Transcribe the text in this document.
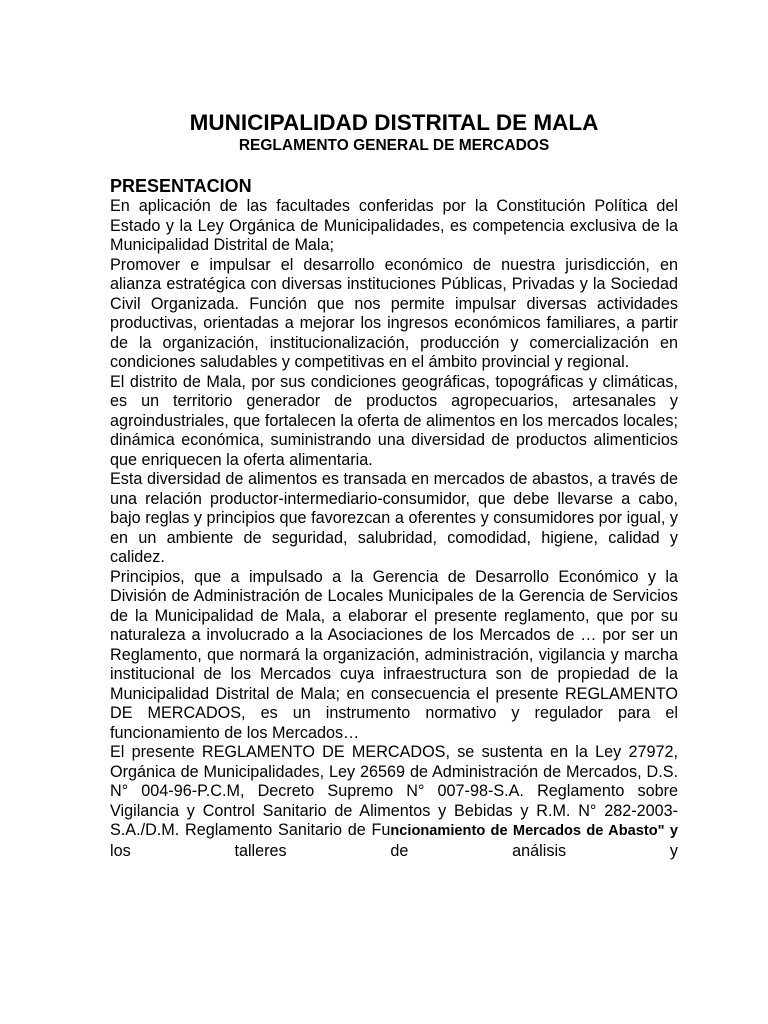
MUNICIPALIDAD DISTRITAL DE MALA
REGLAMENTO GENERAL DE MERCADOS
PRESENTACION

En aplicación de las facultades conferidas por la Constitución Política del Estado y la Ley Orgánica de Municipalidades, es competencia exclusiva de la Municipalidad Distrital de Mala;

Promover e impulsar el desarrollo económico de nuestra jurisdicción, en alianza estratégica con diversas instituciones Públicas, Privadas y la Sociedad Civil Organizada. Función que nos permite impulsar diversas actividades productivas, orientadas a mejorar los ingresos económicos familiares, a partir de la organización, institucionalización, producción y comercialización en condiciones saludables y competitivas en el ámbito provincial y regional.

El distrito de Mala, por sus condiciones geográficas, topográficas y climáticas, es un territorio generador de productos agropecuarios, artesanales y agroindustriales, que fortalecen la oferta de alimentos en los mercados locales; dinámica económica, suministrando una diversidad de productos alimenticios que enriquecen la oferta alimentaria.

Esta diversidad de alimentos es transada en mercados de abastos, a través de una relación productor-intermediario-consumidor, que debe llevarse a cabo, bajo reglas y principios que favorezcan a oferentes y consumidores por igual, y en un ambiente de seguridad, salubridad, comodidad, higiene, calidad y calidez.

Principios, que a impulsado a la Gerencia de Desarrollo Económico y la División de Administración de Locales Municipales de la Gerencia de Servicios de la Municipalidad de Mala, a elaborar el presente reglamento, que por su naturaleza a involucrado a la Asociaciones de los Mercados de … por ser un Reglamento, que normará la organización, administración, vigilancia y marcha institucional de los Mercados cuya infraestructura son de propiedad de la Municipalidad Distrital de Mala; en consecuencia el presente REGLAMENTO DE MERCADOS, es un instrumento normativo y regulador para el funcionamiento de los Mercados…

El presente REGLAMENTO DE MERCADOS, se sustenta en la Ley 27972, Orgánica de Municipalidades, Ley 26569 de Administración de Mercados, D.S. N° 004-96-P.C.M, Decreto Supremo N° 007-98-S.A. Reglamento sobre Vigilancia y Control Sanitario de Alimentos y Bebidas y R.M. N° 282-2003-S.A./D.M. Reglamento Sanitario de Funcionamiento de Mercados de Abasto" y los talleres de análisis y
